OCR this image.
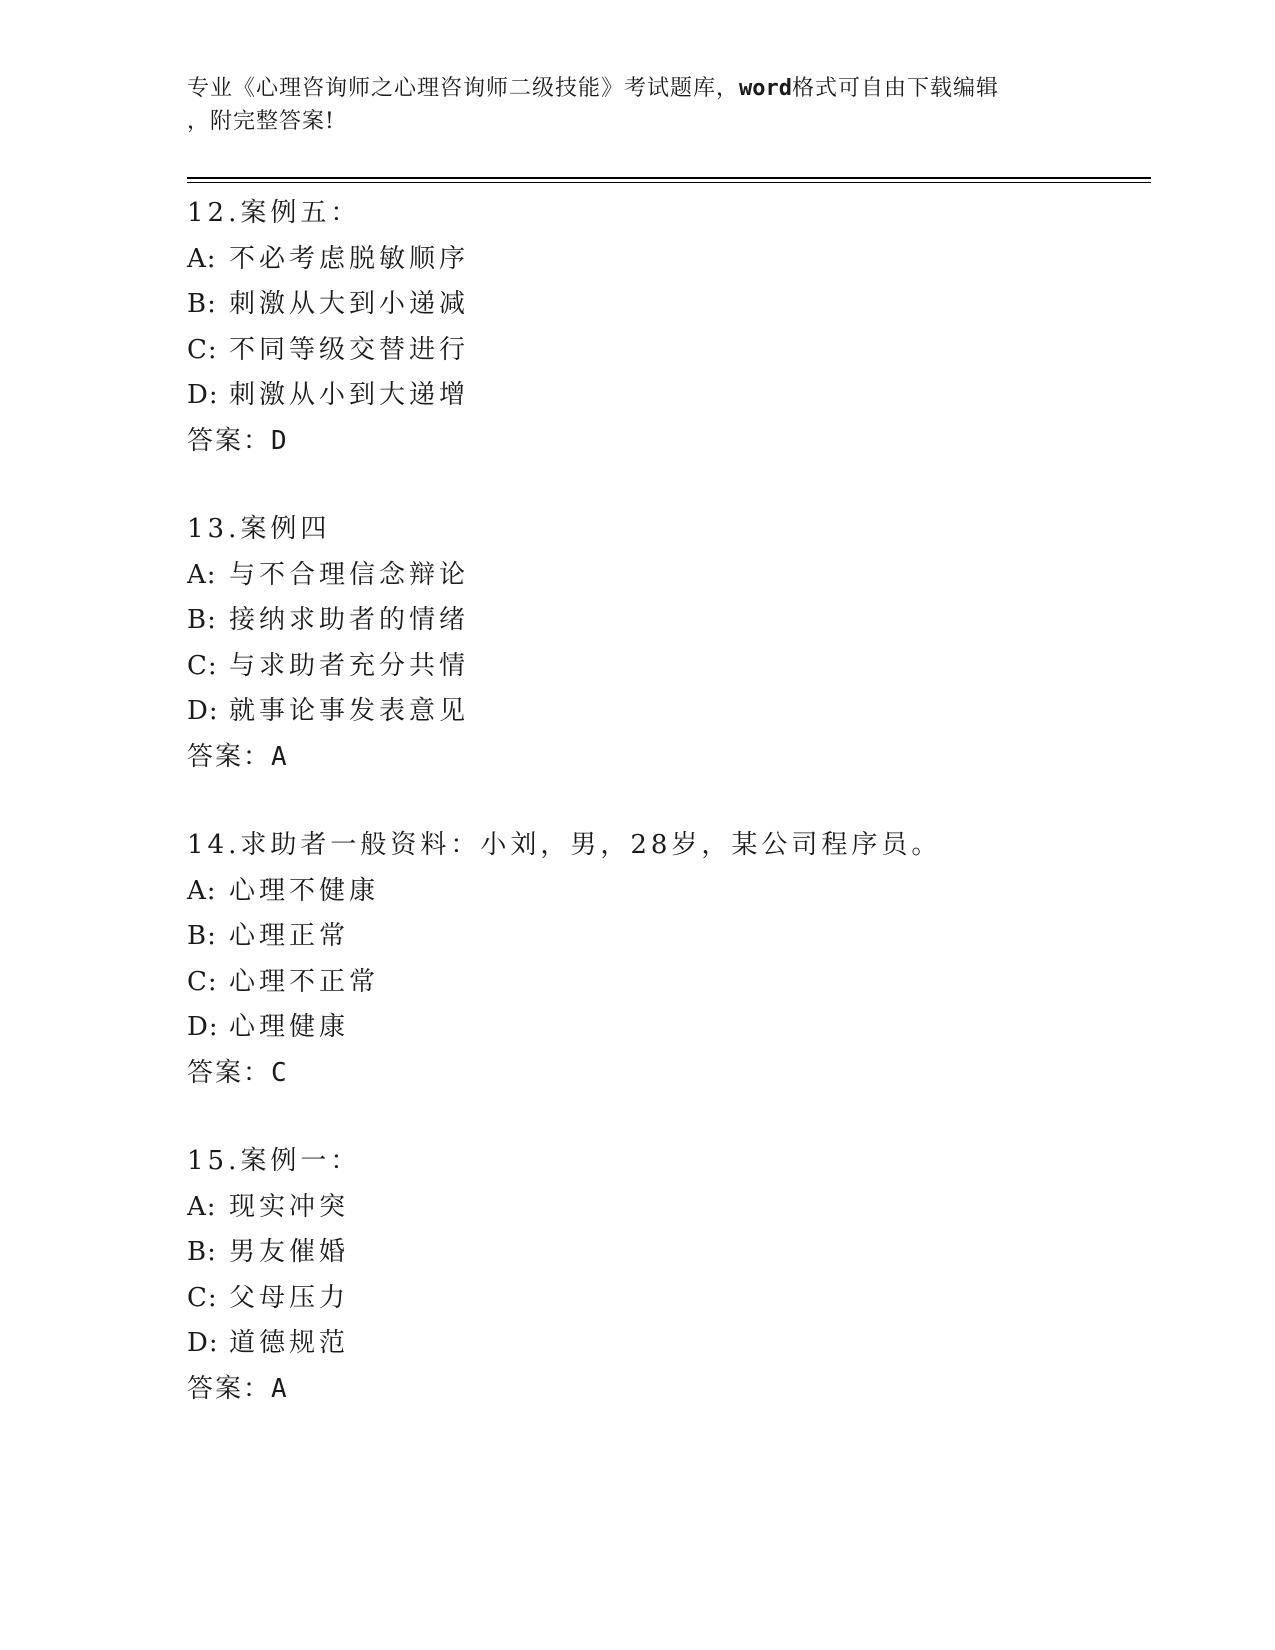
专业《心理咨询师之心理咨询师二级技能》考试题库，word格式可自由下载编辑
，附完整答案!
12.案例五：
A: 不必考虑脱敏顺序
B: 刺激从大到小递减
C: 不同等级交替进行
D: 刺激从小到大递增
答案：D
13.案例四
A: 与不合理信念辩论
B: 接纳求助者的情绪
C: 与求助者充分共情
D: 就事论事发表意见
答案：A
14.求助者一般资料：小刘，男，28岁，某公司程序员。
A: 心理不健康
B: 心理正常
C: 心理不正常
D: 心理健康
答案：C
15.案例一：
A: 现实冲突
B: 男友催婚
C: 父母压力
D: 道德规范
答案：A
